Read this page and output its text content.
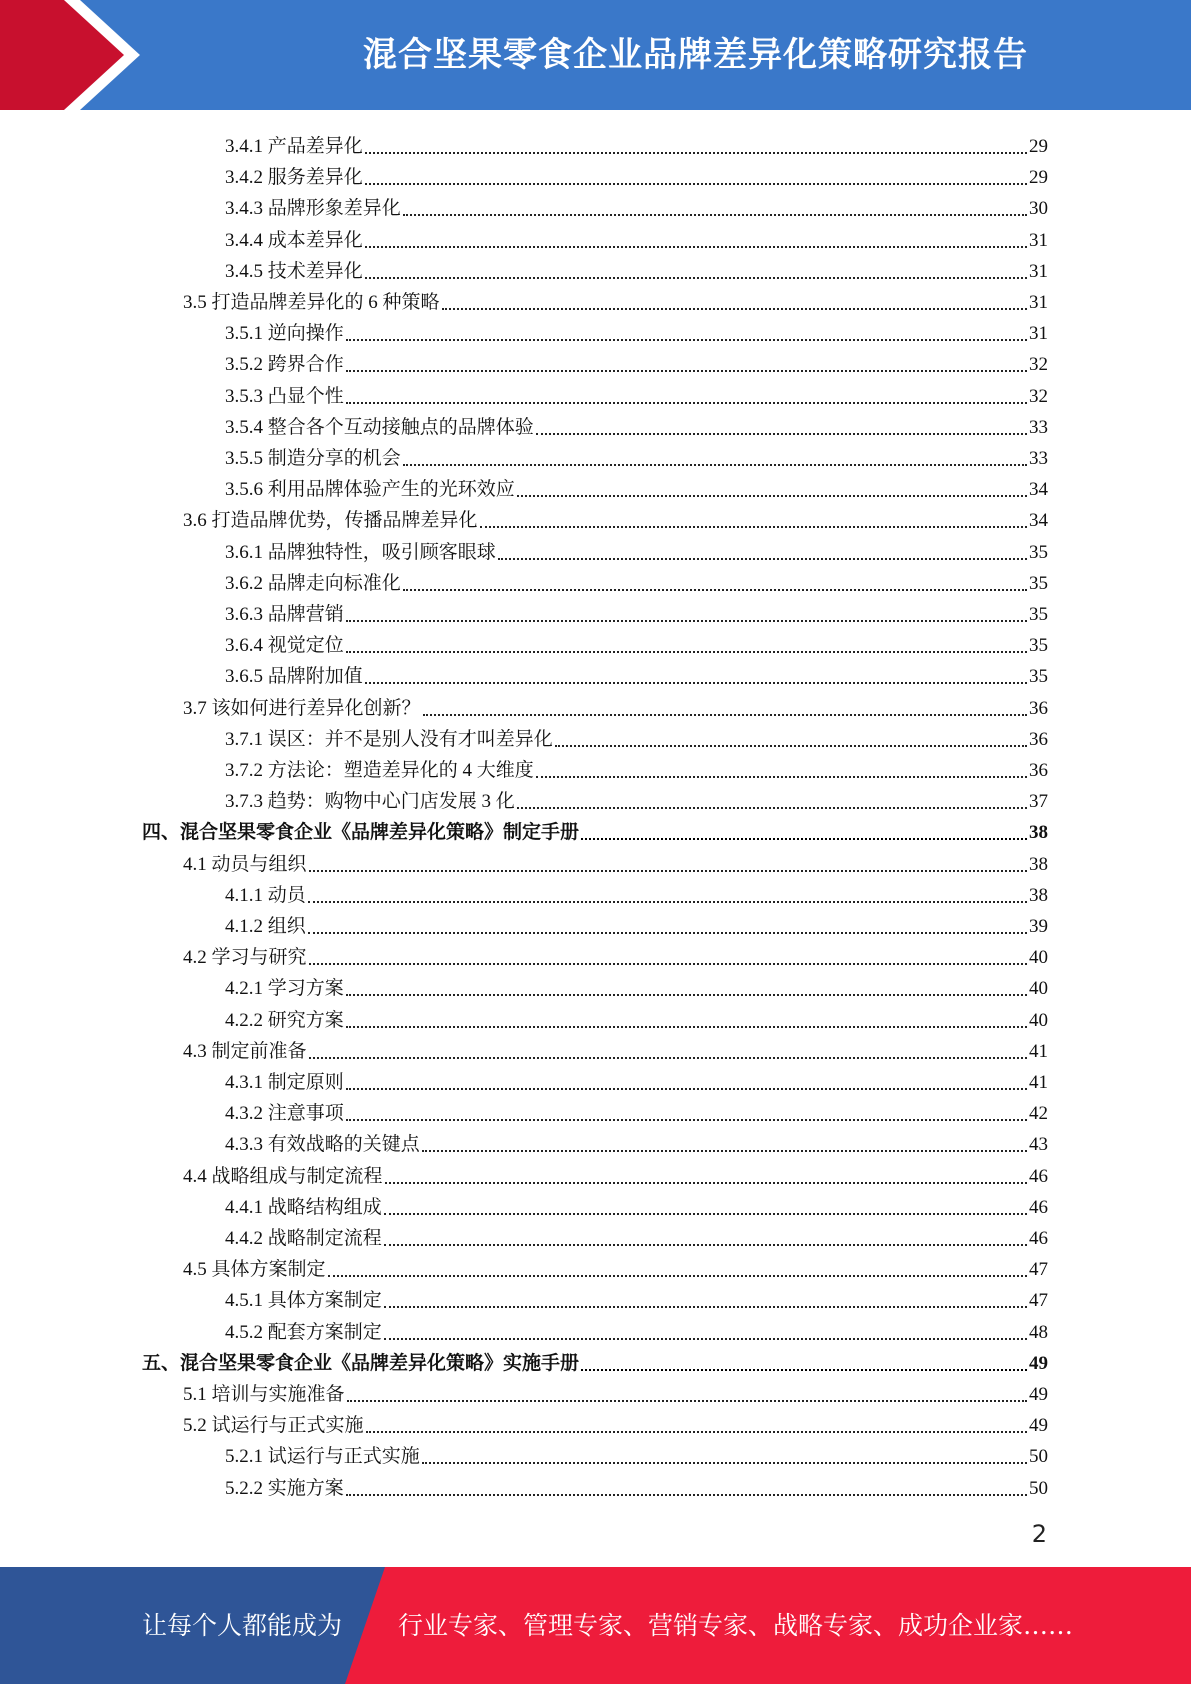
混合坚果零食企业品牌差异化策略研究报告
3.4.1 产品差异化	29
3.4.2 服务差异化	29
3.4.3 品牌形象差异化	30
3.4.4 成本差异化	31
3.4.5 技术差异化	31
3.5 打造品牌差异化的 6 种策略	31
3.5.1 逆向操作	31
3.5.2 跨界合作	32
3.5.3 凸显个性	32
3.5.4 整合各个互动接触点的品牌体验	33
3.5.5 制造分享的机会	33
3.5.6 利用品牌体验产生的光环效应	34
3.6 打造品牌优势，传播品牌差异化	34
3.6.1 品牌独特性，吸引顾客眼球	35
3.6.2 品牌走向标准化	35
3.6.3 品牌营销	35
3.6.4 视觉定位	35
3.6.5 品牌附加值	35
3.7 该如何进行差异化创新？	36
3.7.1 误区：并不是别人没有才叫差异化	36
3.7.2 方法论：塑造差异化的 4 大维度	36
3.7.3 趋势：购物中心门店发展 3 化	37
四、混合坚果零食企业《品牌差异化策略》制定手册	38
4.1 动员与组织	38
4.1.1 动员	38
4.1.2 组织	39
4.2 学习与研究	40
4.2.1 学习方案	40
4.2.2 研究方案	40
4.3 制定前准备	41
4.3.1 制定原则	41
4.3.2 注意事项	42
4.3.3 有效战略的关键点	43
4.4 战略组成与制定流程	46
4.4.1 战略结构组成	46
4.4.2 战略制定流程	46
4.5 具体方案制定	47
4.5.1 具体方案制定	47
4.5.2 配套方案制定	48
五、混合坚果零食企业《品牌差异化策略》实施手册	49
5.1 培训与实施准备	49
5.2 试运行与正式实施	49
5.2.1 试运行与正式实施	50
5.2.2 实施方案	50
2
让每个人都能成为 行业专家、管理专家、营销专家、战略专家、成功企业家……
